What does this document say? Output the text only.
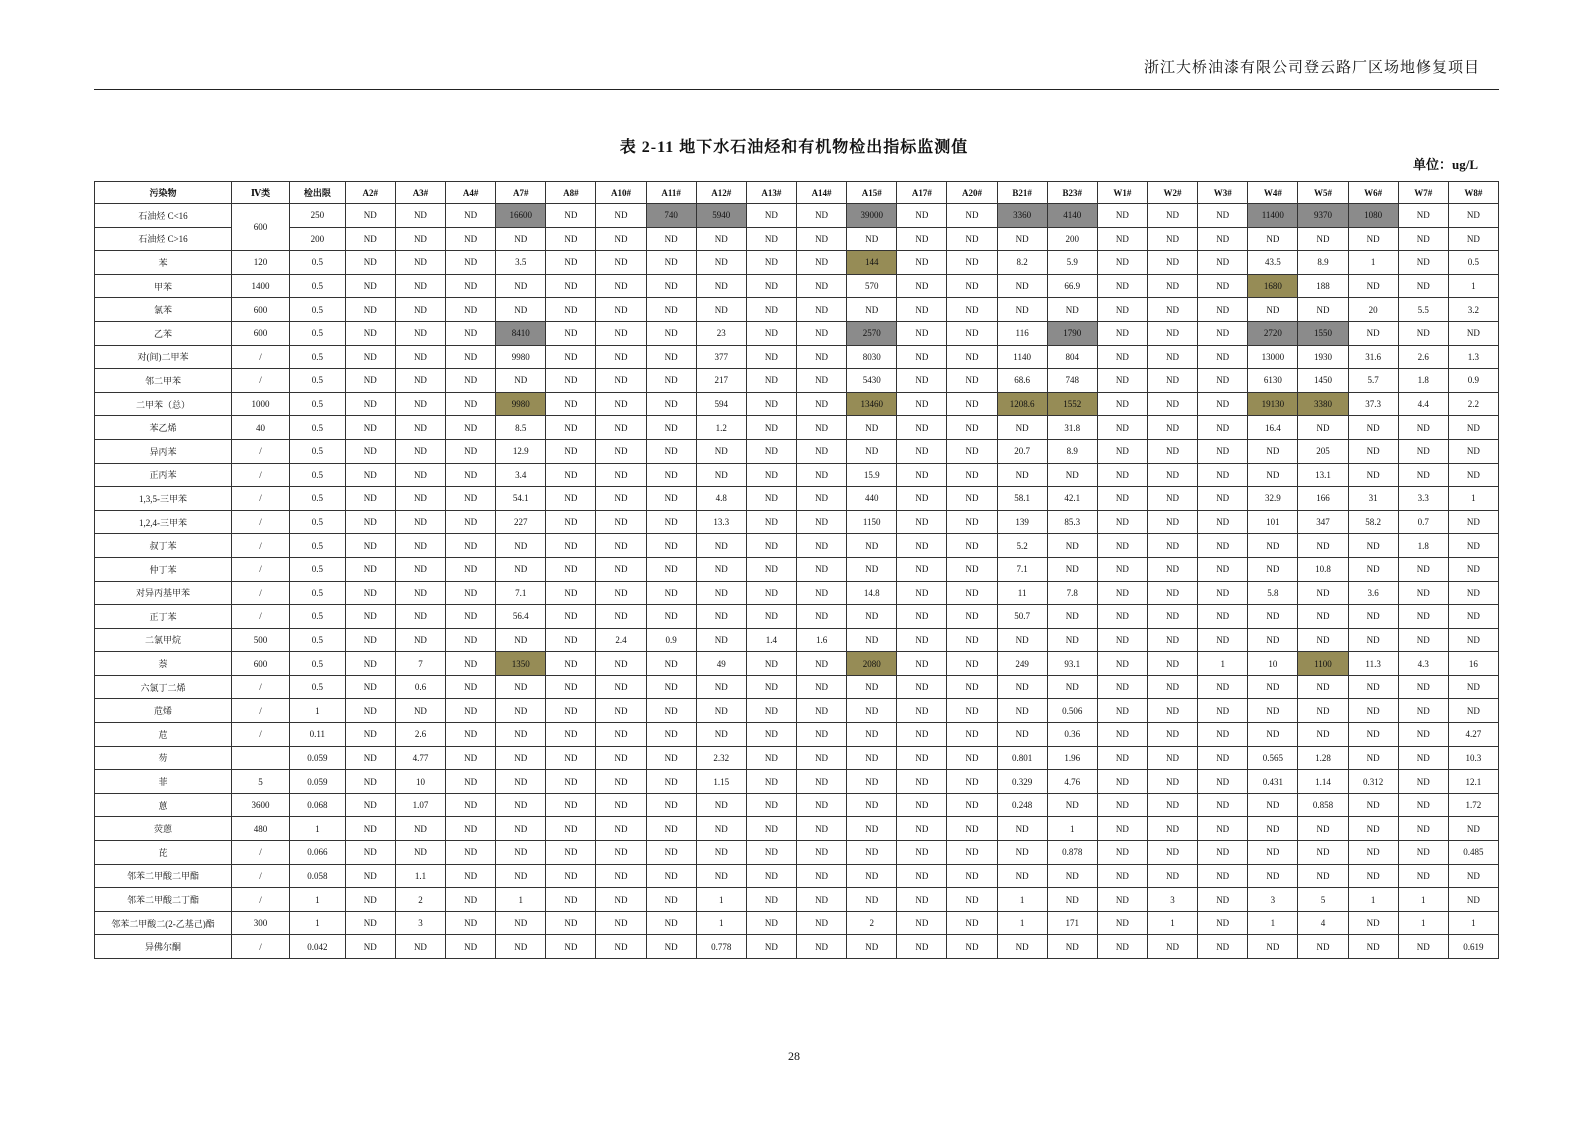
浙江大桥油漆有限公司登云路厂区场地修复项目
表 2-11 地下水石油烃和有机物检出指标监测值
单位：ug/L
污染物	Ⅳ类	检出限	A2#	A3#	A4#	A7#	A8#	A10#	A11#	A12#	A13#	A14#	A15#	A17#	A20#	B21#	B23#	W1#	W2#	W3#	W4#	W5#	W6#	W7#	W8#
石油烃 C<16	600	250	ND	ND	ND	16600	ND	ND	740	5940	ND	ND	39000	ND	ND	3360	4140	ND	ND	ND	11400	9370	1080	ND	ND
石油烃 C>16		200	ND	ND	ND	ND	ND	ND	ND	ND	ND	ND	ND	ND	ND	ND	200	ND	ND	ND	ND	ND	ND	ND	ND
苯	120	0.5	ND	ND	ND	3.5	ND	ND	ND	ND	ND	ND	144	ND	ND	8.2	5.9	ND	ND	ND	43.5	8.9	1	ND	0.5
甲苯	1400	0.5	ND	ND	ND	ND	ND	ND	ND	ND	ND	ND	570	ND	ND	ND	66.9	ND	ND	ND	1680	188	ND	ND	1
氯苯	600	0.5	ND	ND	ND	ND	ND	ND	ND	ND	ND	ND	ND	ND	ND	ND	ND	ND	ND	ND	ND	ND	20	5.5	3.2
乙苯	600	0.5	ND	ND	ND	8410	ND	ND	ND	23	ND	ND	2570	ND	ND	116	1790	ND	ND	ND	2720	1550	ND	ND	ND
对(间)二甲苯	/	0.5	ND	ND	ND	9980	ND	ND	ND	377	ND	ND	8030	ND	ND	1140	804	ND	ND	ND	13000	1930	31.6	2.6	1.3
邻二甲苯	/	0.5	ND	ND	ND	ND	ND	ND	ND	217	ND	ND	5430	ND	ND	68.6	748	ND	ND	ND	6130	1450	5.7	1.8	0.9
二甲苯（总）	1000	0.5	ND	ND	ND	9980	ND	ND	ND	594	ND	ND	13460	ND	ND	1208.6	1552	ND	ND	ND	19130	3380	37.3	4.4	2.2
苯乙烯	40	0.5	ND	ND	ND	8.5	ND	ND	ND	1.2	ND	ND	ND	ND	ND	ND	31.8	ND	ND	ND	16.4	ND	ND	ND	ND
异丙苯	/	0.5	ND	ND	ND	12.9	ND	ND	ND	ND	ND	ND	ND	ND	ND	20.7	8.9	ND	ND	ND	ND	205	ND	ND	ND
正丙苯	/	0.5	ND	ND	ND	3.4	ND	ND	ND	ND	ND	ND	15.9	ND	ND	ND	ND	ND	ND	ND	ND	13.1	ND	ND	ND
1,3,5-三甲苯	/	0.5	ND	ND	ND	54.1	ND	ND	ND	4.8	ND	ND	440	ND	ND	58.1	42.1	ND	ND	ND	32.9	166	31	3.3	1
1,2,4-三甲苯	/	0.5	ND	ND	ND	227	ND	ND	ND	13.3	ND	ND	1150	ND	ND	139	85.3	ND	ND	ND	101	347	58.2	0.7	ND
叔丁苯	/	0.5	ND	ND	ND	ND	ND	ND	ND	ND	ND	ND	ND	ND	ND	5.2	ND	ND	ND	ND	ND	ND	ND	1.8	ND
仲丁苯	/	0.5	ND	ND	ND	ND	ND	ND	ND	ND	ND	ND	ND	ND	ND	7.1	ND	ND	ND	ND	ND	10.8	ND	ND	ND
对异丙基甲苯	/	0.5	ND	ND	ND	7.1	ND	ND	ND	ND	ND	ND	14.8	ND	ND	11	7.8	ND	ND	ND	5.8	ND	3.6	ND	ND
正丁苯	/	0.5	ND	ND	ND	56.4	ND	ND	ND	ND	ND	ND	ND	ND	ND	50.7	ND	ND	ND	ND	ND	ND	ND	ND	ND
二氯甲烷	500	0.5	ND	ND	ND	ND	ND	2.4	0.9	ND	1.4	1.6	ND	ND	ND	ND	ND	ND	ND	ND	ND	ND	ND	ND	ND
萘	600	0.5	ND	7	ND	1350	ND	ND	ND	49	ND	ND	2080	ND	ND	249	93.1	ND	ND	1	10	1100	11.3	4.3	16
六氯丁二烯	/	0.5	ND	0.6	ND	ND	ND	ND	ND	ND	ND	ND	ND	ND	ND	ND	ND	ND	ND	ND	ND	ND	ND	ND	ND
苊烯	/	1	ND	ND	ND	ND	ND	ND	ND	ND	ND	ND	ND	ND	ND	ND	0.506	ND	ND	ND	ND	ND	ND	ND	ND
苊	/	0.11	ND	2.6	ND	ND	ND	ND	ND	ND	ND	ND	ND	ND	ND	ND	0.36	ND	ND	ND	ND	ND	ND	ND	4.27
芴		0.059	ND	4.77	ND	ND	ND	ND	ND	2.32	ND	ND	ND	ND	ND	0.801	1.96	ND	ND	ND	0.565	1.28	ND	ND	10.3
菲	5	0.059	ND	10	ND	ND	ND	ND	ND	1.15	ND	ND	ND	ND	ND	0.329	4.76	ND	ND	ND	0.431	1.14	0.312	ND	12.1
蒽	3600	0.068	ND	1.07	ND	ND	ND	ND	ND	ND	ND	ND	ND	ND	ND	0.248	ND	ND	ND	ND	ND	0.858	ND	ND	1.72
荧蒽	480	1	ND	ND	ND	ND	ND	ND	ND	ND	ND	ND	ND	ND	ND	ND	1	ND	ND	ND	ND	ND	ND	ND	ND
芘	/	0.066	ND	ND	ND	ND	ND	ND	ND	ND	ND	ND	ND	ND	ND	ND	0.878	ND	ND	ND	ND	ND	ND	ND	0.485
邻苯二甲酸二甲酯	/	0.058	ND	1.1	ND	ND	ND	ND	ND	ND	ND	ND	ND	ND	ND	ND	ND	ND	ND	ND	ND	ND	ND	ND	ND
邻苯二甲酸二丁酯	/	1	ND	2	ND	1	ND	ND	ND	1	ND	ND	ND	ND	ND	1	ND	ND	3	ND	3	5	1	1	ND
邻苯二甲酸二(2-乙基己)酯	300	1	ND	3	ND	ND	ND	ND	ND	1	ND	ND	2	ND	ND	1	171	ND	1	ND	1	4	ND	1	1
异佛尔酮	/	0.042	ND	ND	ND	ND	ND	ND	ND	0.778	ND	ND	ND	ND	ND	ND	ND	ND	ND	ND	ND	ND	ND	ND	0.619
28
